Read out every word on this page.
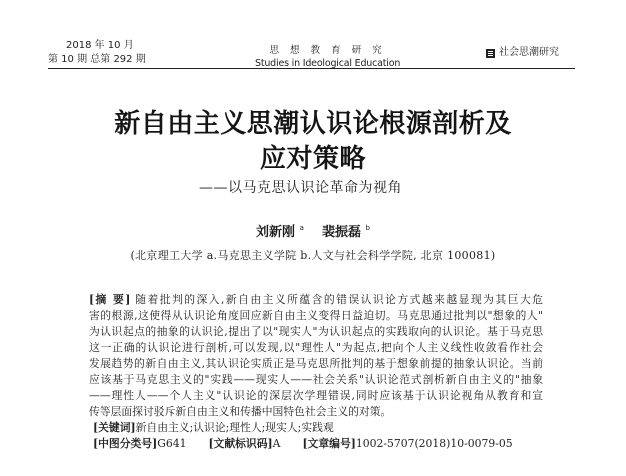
2018 年 10 月
第 10 期 总第 292 期
思 想 教 育 研 究
Studies in Ideological Education
社会思潮研究
新自由主义思潮认识论根源剖析及
应对策略
——以马克思认识论革命为视角
刘新刚 $^a$ 裴振磊 $^b$
(北京理工大学 a.马克思主义学院 b.人文与社会科学学院, 北京 100081)
[摘 要] 随着批判的深入,新自由主义所蕴含的错误认识论方式越来越显现为其巨大危
害的根源,这使得从认识论角度回应新自由主义变得日益迫切。马克思通过批判以"想象的人"
为认识起点的抽象的认识论,提出了以"现实人"为认识起点的实践取向的认识论。基于马克思
这一正确的认识论进行剖析,可以发现,以"理性人"为起点,把向个人主义线性收敛看作社会
发展趋势的新自由主义,其认识论实质正是马克思所批判的基于想象前提的抽象认识论。当前
应该基于马克思主义的"实践——现实人——社会关系"认识论范式剖析新自由主义的"抽象
——理性人——个人主义"认识论的深层次学理错误,同时应该基于认识论视角从教育和宣
传等层面探讨驳斥新自由主义和传播中国特色社会主义的对策。
[关键词]新自由主义;认识论;理性人;现实人;实践观
[中图分类号]G641 [文献标识码]A [文章编号]1002-5707(2018)10-0079-05
